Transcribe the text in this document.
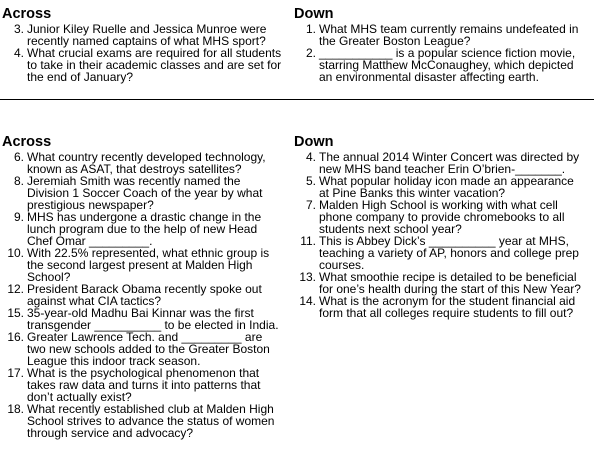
Across
3. Junior Kiley Ruelle and Jessica Munroe were recently named captains of what MHS sport?
4. What crucial exams are required for all students to take in their academic classes and are set for the end of January?
Down
1. What MHS team currently remains undefeated in the Greater Boston League?
2. ___________ is a popular science fiction movie, starring Matthew McConaughey, which depicted an environmental disaster affecting earth.
Across
6. What country recently developed technology, known as ASAT, that destroys satellites?
8. Jeremiah Smith was recently named the Division 1 Soccer Coach of the year by what prestigious newspaper?
9. MHS has undergone a drastic change in the lunch program due to the help of new Head Chef Omar _________.
10. With 22.5% represented, what ethnic group is the second largest present at Malden High School?
12. President Barack Obama recently spoke out against what CIA tactics?
15. 35-year-old Madhu Bai Kinnar was the first transgender __________ to be elected in India.
16. Greater Lawrence Tech. and _________ are two new schools added to the Greater Boston League this indoor track season.
17. What is the psychological phenomenon that takes raw data and turns it into patterns that don’t actually exist?
18. What recently established club at Malden High School strives to advance the status of women through service and advocacy?
Down
4. The annual 2014 Winter Concert was directed by new MHS band teacher Erin O’brien-_______.
5. What popular holiday icon made an appearance at Pine Banks this winter vacation?
7. Malden High School is working with what cell phone company to provide chromebooks to all students next school year?
11. This is Abbey Dick’s __________ year at MHS, teaching a variety of AP, honors and college prep courses.
13. What smoothie recipe is detailed to be beneficial for one’s health during the start of this New Year?
14. What is the acronym for the student financial aid form that all colleges require students to fill out?
